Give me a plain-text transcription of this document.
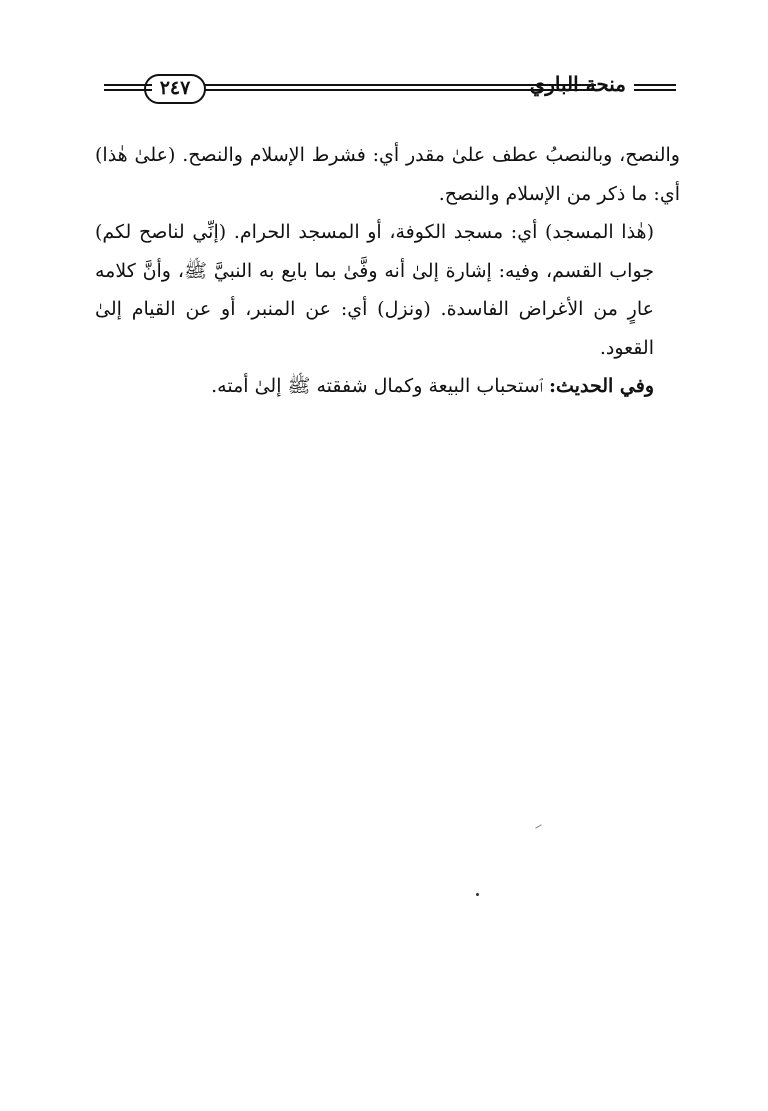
منحة الباري
٢٤٧

والنصح، وبالنصبُ عطف علىٰ مقدر أي: فشرط الإسلام والنصح. (علىٰ هٰذا) أي: ما ذكر من الإسلام والنصح.

(هٰذا المسجد) أي: مسجد الكوفة، أو المسجد الحرام. (إنِّي لناصح لكم) جواب القسم، وفيه: إشارة إلىٰ أنه وفَّىٰ بما بايع به النبيَّ ﷺ، وأنَّ كلامه عارٍ من الأغراض الفاسدة. (ونزل) أي: عن المنبر، أو عن القيام إلىٰ القعود.

وفي الحديث: ٱستحباب البيعة وكمال شفقته ﷺ إلىٰ أمته.
